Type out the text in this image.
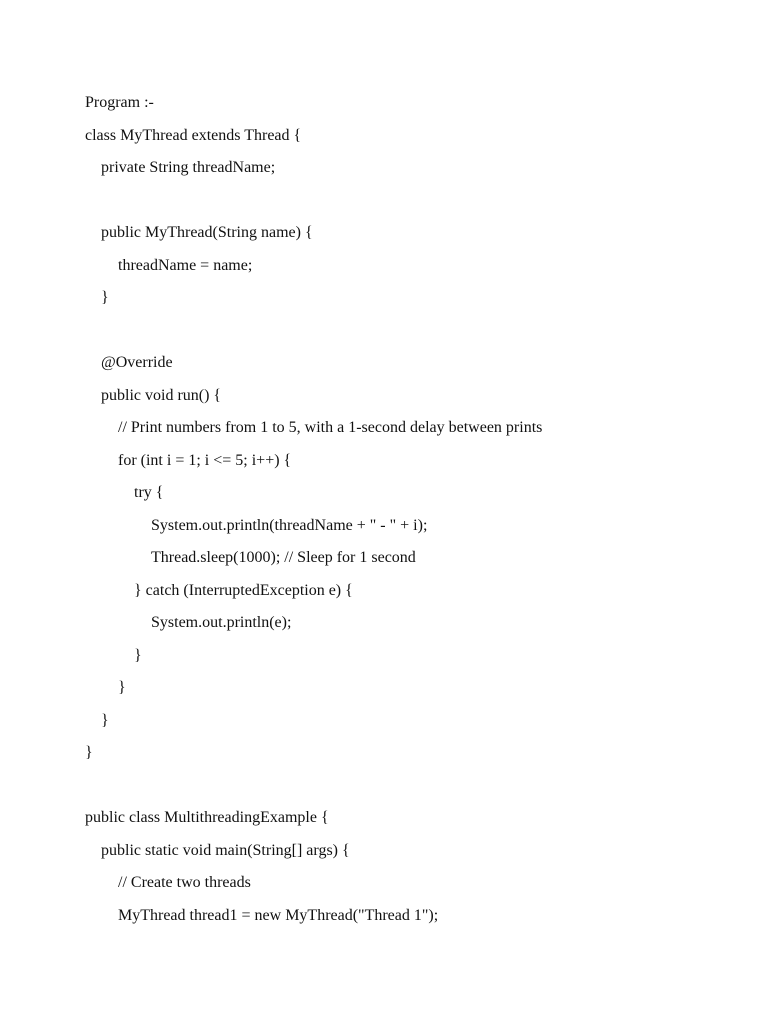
Program :-
class MyThread extends Thread {
private String threadName;
public MyThread(String name) {
threadName = name;
}
@Override
public void run() {
// Print numbers from 1 to 5, with a 1-second delay between prints
for (int i = 1; i <= 5; i++) {
try {
System.out.println(threadName + " - " + i);
Thread.sleep(1000); // Sleep for 1 second
} catch (InterruptedException e) {
System.out.println(e);
}
}
}
}
public class MultithreadingExample {
public static void main(String[] args) {
// Create two threads
MyThread thread1 = new MyThread("Thread 1");
